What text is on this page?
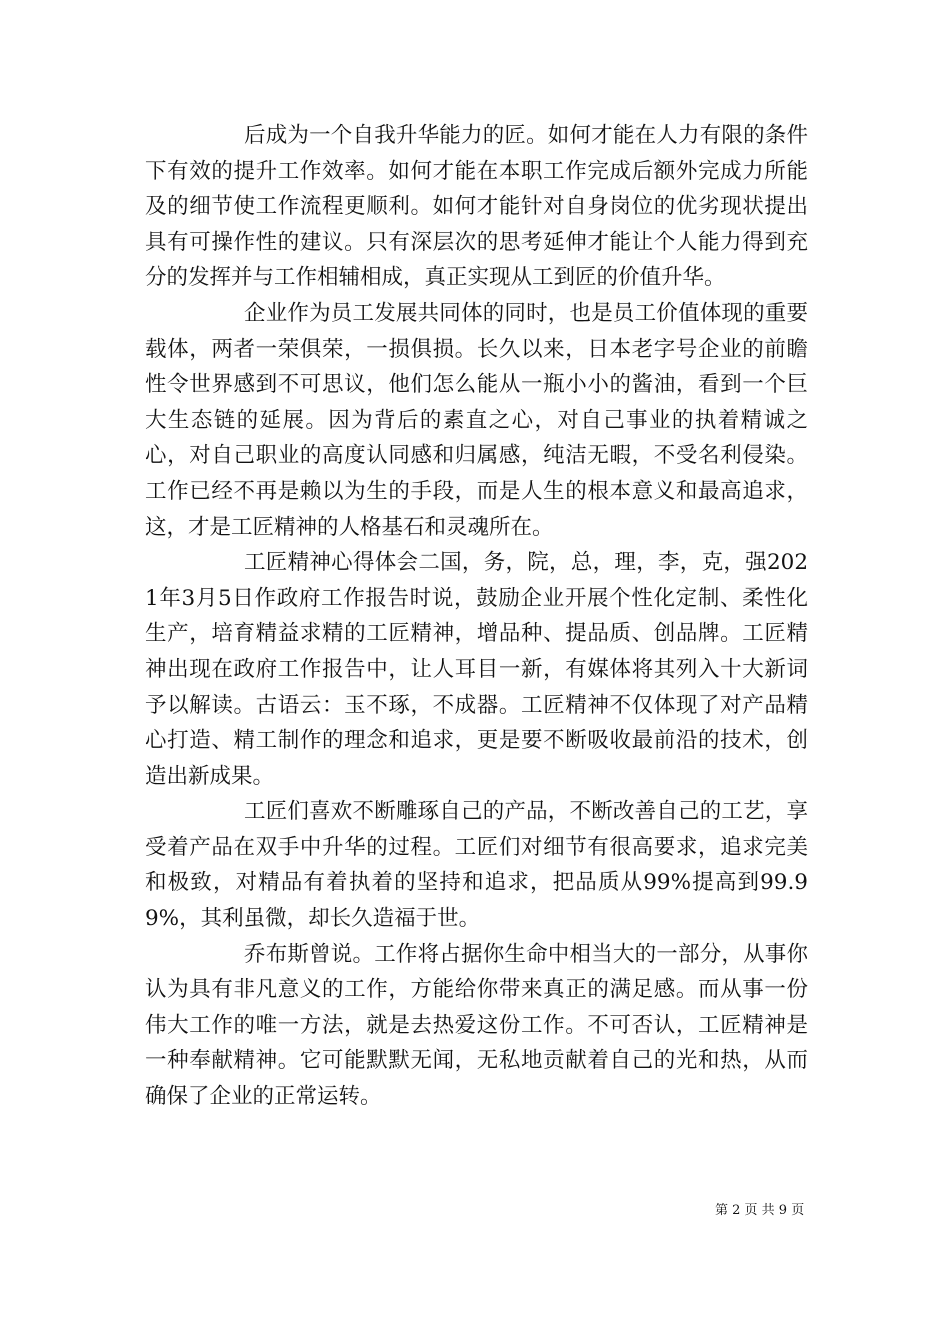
后成为一个自我升华能力的匠。如何才能在人力有限的条件下有效的提升工作效率。如何才能在本职工作完成后额外完成力所能及的细节使工作流程更顺利。如何才能针对自身岗位的优劣现状提出具有可操作性的建议。只有深层次的思考延伸才能让个人能力得到充分的发挥并与工作相辅相成，真正实现从工到匠的价值升华。

企业作为员工发展共同体的同时，也是员工价值体现的重要载体，两者一荣俱荣，一损俱损。长久以来，日本老字号企业的前瞻性令世界感到不可思议，他们怎么能从一瓶小小的酱油，看到一个巨大生态链的延展。因为背后的素直之心，对自己事业的执着精诚之心，对自己职业的高度认同感和归属感，纯洁无暇，不受名利侵染。工作已经不再是赖以为生的手段，而是人生的根本意义和最高追求，这，才是工匠精神的人格基石和灵魂所在。

工匠精神心得体会二国，务，院，总，理，李，克，强2021年3月5日作政府工作报告时说，鼓励企业开展个性化定制、柔性化生产，培育精益求精的工匠精神，增品种、提品质、创品牌。工匠精神出现在政府工作报告中，让人耳目一新，有媒体将其列入十大新词予以解读。古语云：玉不琢，不成器。工匠精神不仅体现了对产品精心打造、精工制作的理念和追求，更是要不断吸收最前沿的技术，创造出新成果。

工匠们喜欢不断雕琢自己的产品，不断改善自己的工艺，享受着产品在双手中升华的过程。工匠们对细节有很高要求，追求完美和极致，对精品有着执着的坚持和追求，把品质从99%提高到99.99%，其利虽微，却长久造福于世。

乔布斯曾说。工作将占据你生命中相当大的一部分，从事你认为具有非凡意义的工作，方能给你带来真正的满足感。而从事一份伟大工作的唯一方法，就是去热爱这份工作。不可否认，工匠精神是一种奉献精神。它可能默默无闻，无私地贡献着自己的光和热，从而确保了企业的正常运转。

第 2 页 共 9 页
